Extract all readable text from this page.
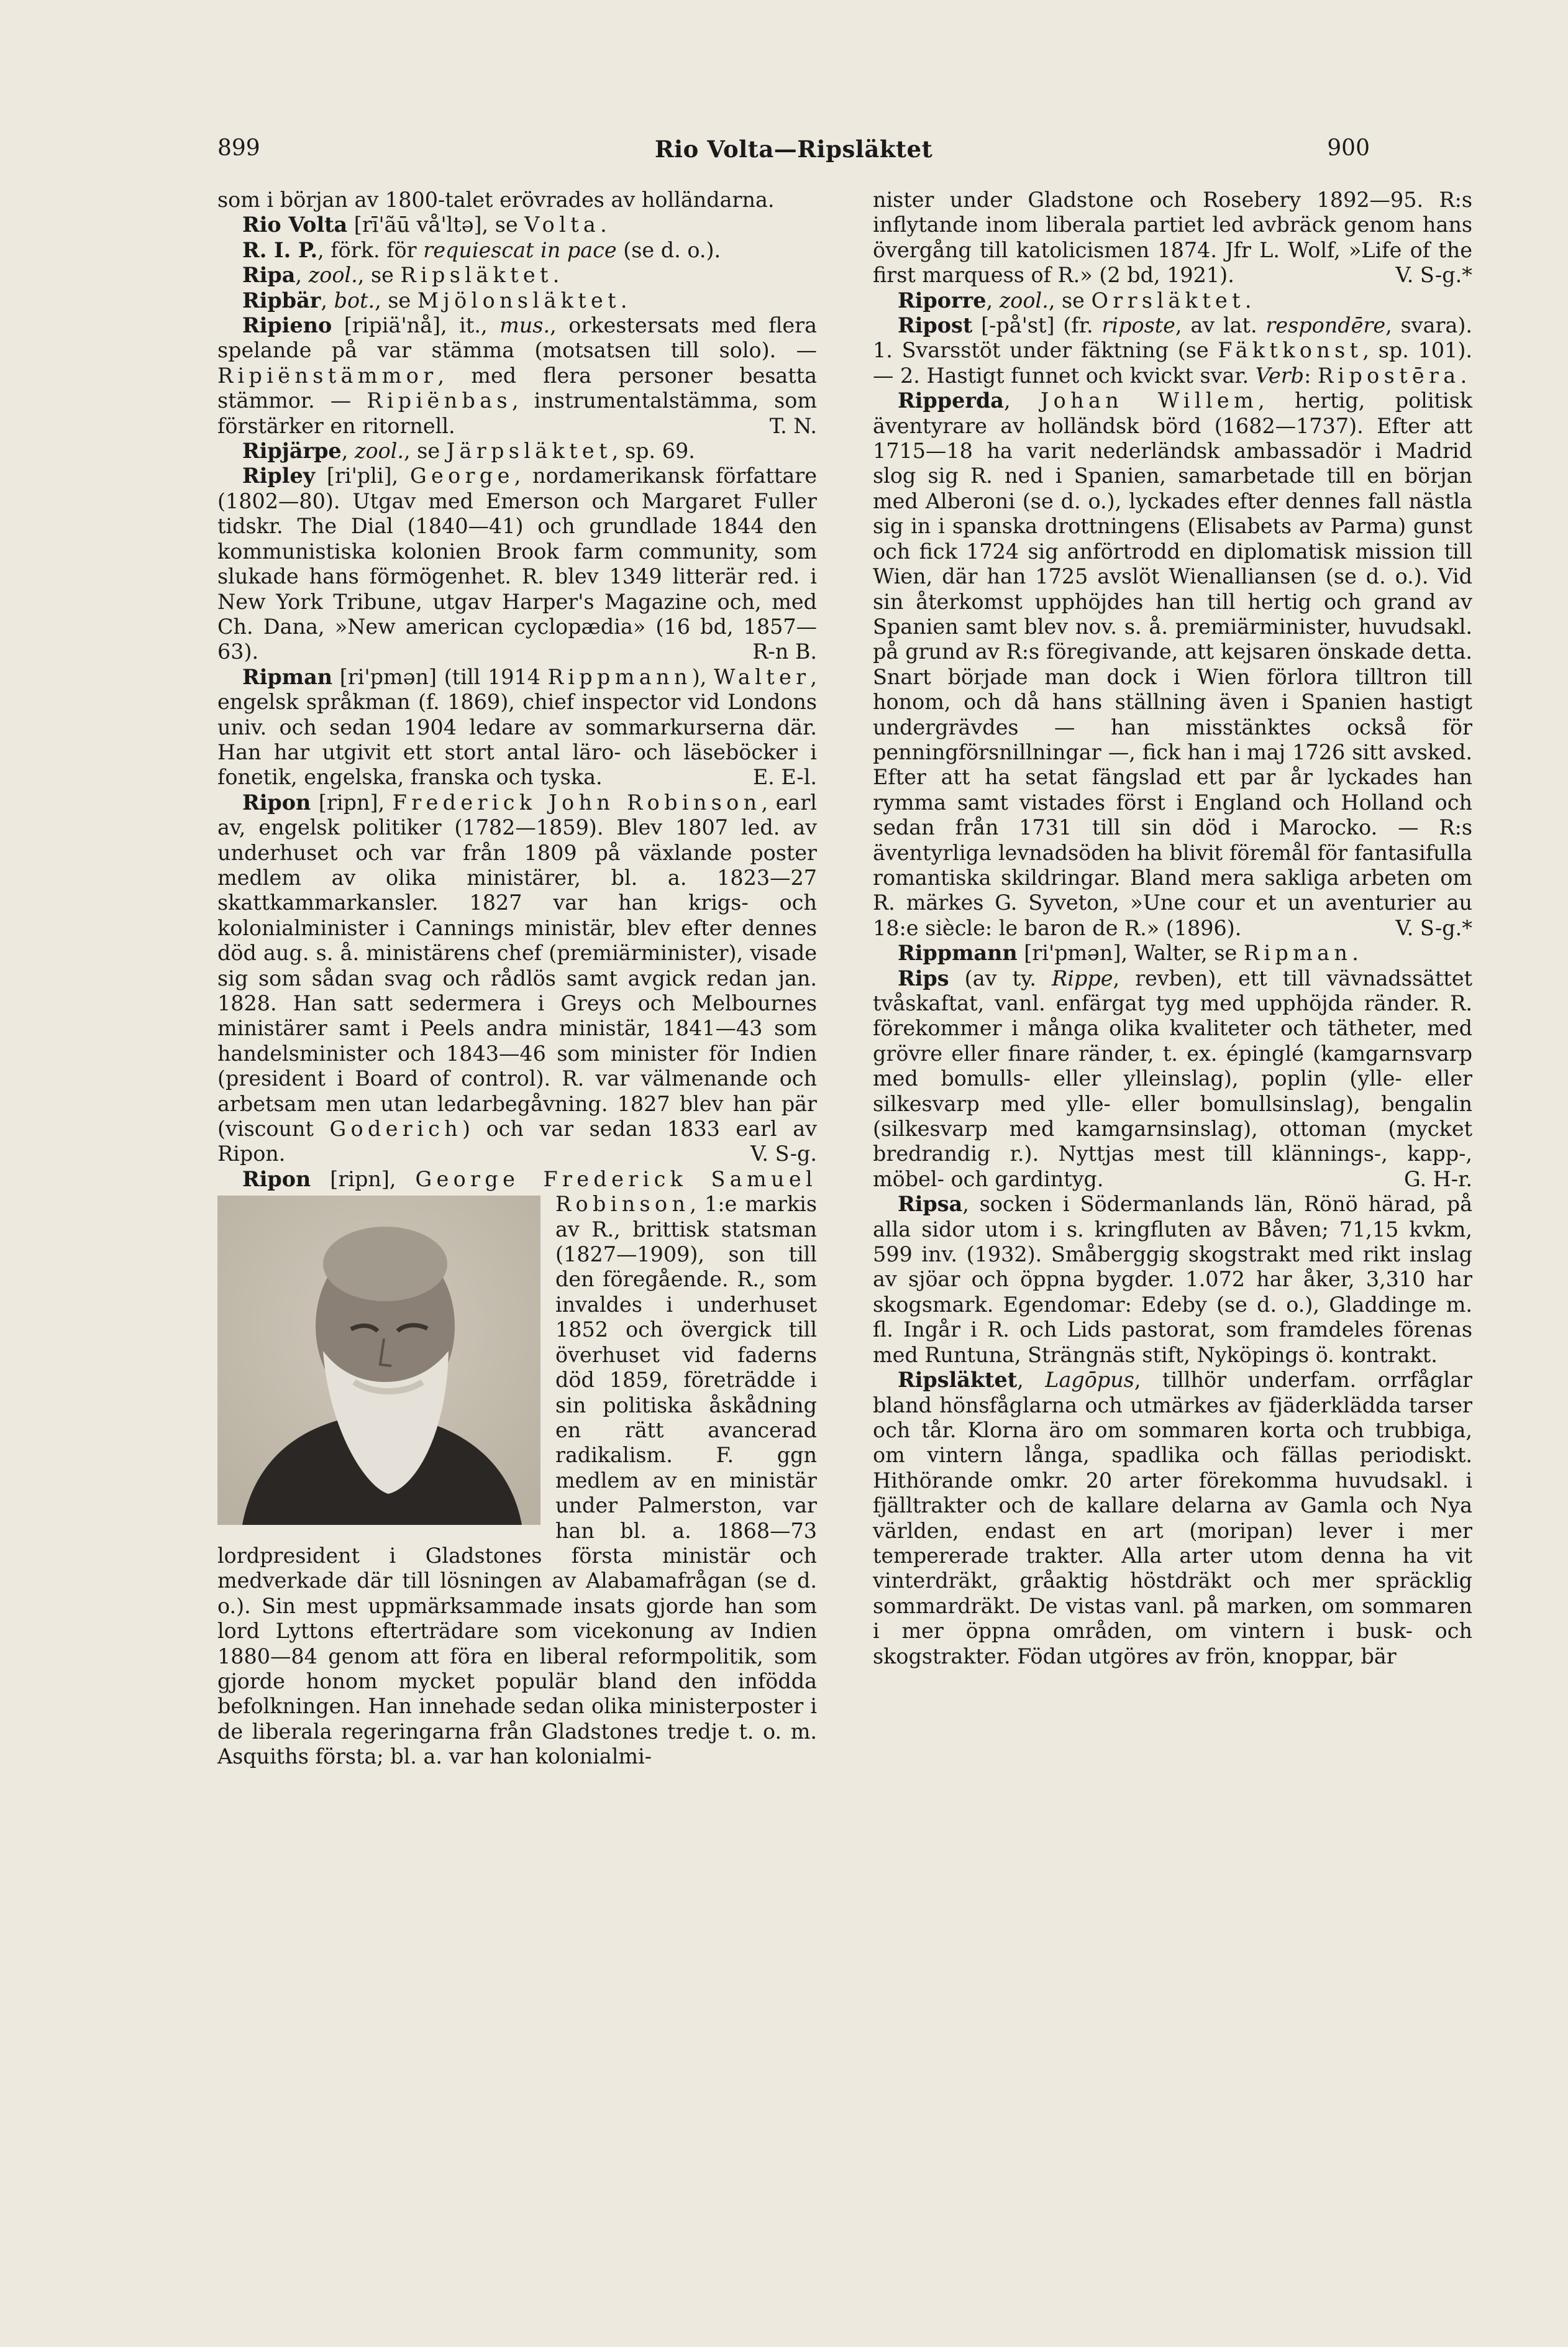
899	Rio Volta—Ripsläktet	900

som i början av 1800-talet erövrades av holländarna.

Rio Volta [rī'ãū vå'ltə], se Volta.

R. I. P., förk. för requiescat in pace (se d. o.).

Ripa, zool., se Ripsläktet.

Ripbär, bot., se Mjölonsläktet.

Ripieno [ripiä'nå], it., mus., orkestersats med flera spelande på var stämma (motsatsen till solo). — Ripiënstämmor, med flera personer besatta stämmor. — Ripiënbas, instrumentalstämma, som förstärker en ritornell.	T. N.

Ripjärpe, zool., se Järpsläktet, sp. 69.

Ripley [ri'pli], George, nordamerikansk författare (1802—80). Utgav med Emerson och Margaret Fuller tidskr. The Dial (1840—41) och grundlade 1844 den kommunistiska kolonien Brook farm community, som slukade hans förmögenhet. R. blev 1349 litterär red. i New York Tribune, utgav Harper's Magazine och, med Ch. Dana, »New american cyclopædia» (16 bd, 1857—63).	R-n B.

Ripman [ri'pmən] (till 1914 Rippmann), Walter, engelsk språkman (f. 1869), chief inspector vid Londons univ. och sedan 1904 ledare av sommarkurserna där. Han har utgivit ett stort antal läro- och läseböcker i fonetik, engelska, franska och tyska.	E. E-l.

Ripon [ripn], Frederick John Robinson, earl av, engelsk politiker (1782—1859). Blev 1807 led. av underhuset och var från 1809 på växlande poster medlem av olika ministärer, bl. a. 1823—27 skattkammarkansler. 1827 var han krigs- och kolonialminister i Cannings ministär, blev efter dennes död aug. s. å. ministärens chef (premiärminister), visade sig som sådan svag och rådlös samt avgick redan jan. 1828. Han satt sedermera i Greys och Melbournes ministärer samt i Peels andra ministär, 1841—43 som handelsminister och 1843—46 som minister för Indien (president i Board of control). R. var välmenande och arbetsam men utan ledarbegåvning. 1827 blev han pär (viscount Goderich) och var sedan 1833 earl av Ripon.	V. S-g.

Ripon [ripn], George Frederick Samuel Robinson
, 1:e markis av R., brittisk statsman (1827—1909), son till den föregående. R., som invaldes i underhuset 1852 och övergick till överhuset vid faderns död 1859, företrädde i sin politiska åskådning en rätt avancerad radikalism. F. ggn medlem av en ministär under Palmerston, var han bl. a. 1868—73 lordpresident i Gladstones första ministär och medverkade där till lösningen av Alabamafrågan (se d. o.). Sin mest uppmärksammade insats gjorde han som lord Lyttons efterträdare som vicekonung av Indien 1880—84 genom att föra en liberal reformpolitik, som gjorde honom mycket populär bland den infödda befolkningen. Han innehade sedan olika ministerposter i de liberala regeringarna från Gladstones tredje t. o. m. Asquiths första; bl. a. var han kolonialmi-

nister under Gladstone och Rosebery 1892—95. R:s inflytande inom liberala partiet led avbräck genom hans övergång till katolicismen 1874. Jfr L. Wolf, »Life of the first marquess of R.» (2 bd, 1921).	V. S-g.*

Riporre, zool., se Orrsläktet.

Ripost [-på'st] (fr. riposte, av lat. respondēre, svara). 1. Svarsstöt under fäktning (se Fäktkonst, sp. 101). — 2. Hastigt funnet och kvickt svar. Verb: Ripostēra.

Ripperda, Johan Willem, hertig, politisk äventyrare av holländsk börd (1682—1737). Efter att 1715—18 ha varit nederländsk ambassadör i Madrid slog sig R. ned i Spanien, samarbetade till en början med Alberoni (se d. o.), lyckades efter dennes fall nästla sig in i spanska drottningens (Elisabets av Parma) gunst och fick 1724 sig anförtrodd en diplomatisk mission till Wien, där han 1725 avslöt Wienalliansen (se d. o.). Vid sin återkomst upphöjdes han till hertig och grand av Spanien samt blev nov. s. å. premiärminister, huvudsakl. på grund av R:s föregivande, att kejsaren önskade detta. Snart började man dock i Wien förlora tilltron till honom, och då hans ställning även i Spanien hastigt undergrävdes — han misstänktes också för penningförsnillningar —, fick han i maj 1726 sitt avsked. Efter att ha setat fängslad ett par år lyckades han rymma samt vistades först i England och Holland och sedan från 1731 till sin död i Marocko. — R:s äventyrliga levnadsöden ha blivit föremål för fantasifulla romantiska skildringar. Bland mera sakliga arbeten om R. märkes G. Syveton, »Une cour et un aventurier au 18:e siècle: le baron de R.» (1896).	V. S-g.*

Rippmann [ri'pmən], Walter, se Ripman.

Rips (av ty. Rippe, revben), ett till vävnadssättet tvåskaftat, vanl. enfärgat tyg med upphöjda ränder. R. förekommer i många olika kvaliteter och tätheter, med grövre eller finare ränder, t. ex. épinglé (kamgarnsvarp med bomulls- eller ylleinslag), poplin (ylle- eller silkesvarp med ylle- eller bomullsinslag), bengalin (silkesvarp med kamgarnsinslag), ottoman (mycket bredrandig r.). Nyttjas mest till klännings-, kapp-, möbel- och gardintyg.	G. H-r.

Ripsa, socken i Södermanlands län, Rönö härad, på alla sidor utom i s. kringfluten av Båven; 71,15 kvkm, 599 inv. (1932). Småberggig skogstrakt med rikt inslag av sjöar och öppna bygder. 1.072 har åker, 3,310 har skogsmark. Egendomar: Edeby (se d. o.), Gladdinge m. fl. Ingår i R. och Lids pastorat, som framdeles förenas med Runtuna, Strängnäs stift, Nyköpings ö. kontrakt.

Ripsläktet, Lagōpus, tillhör underfam. orrfåglar bland hönsfåglarna och utmärkes av fjäderklädda tarser och tår. Klorna äro om sommaren korta och trubbiga, om vintern långa, spadlika och fällas periodiskt. Hithörande omkr. 20 arter förekomma huvudsakl. i fjälltrakter och de kallare delarna av Gamla och Nya världen, endast en art (moripan) lever i mer tempererade trakter. Alla arter utom denna ha vit vinterdräkt, gråaktig höstdräkt och mer spräcklig sommardräkt. De vistas vanl. på marken, om sommaren i mer öppna områden, om vintern i busk- och skogstrakter. Födan utgöres av frön, knoppar, bär
